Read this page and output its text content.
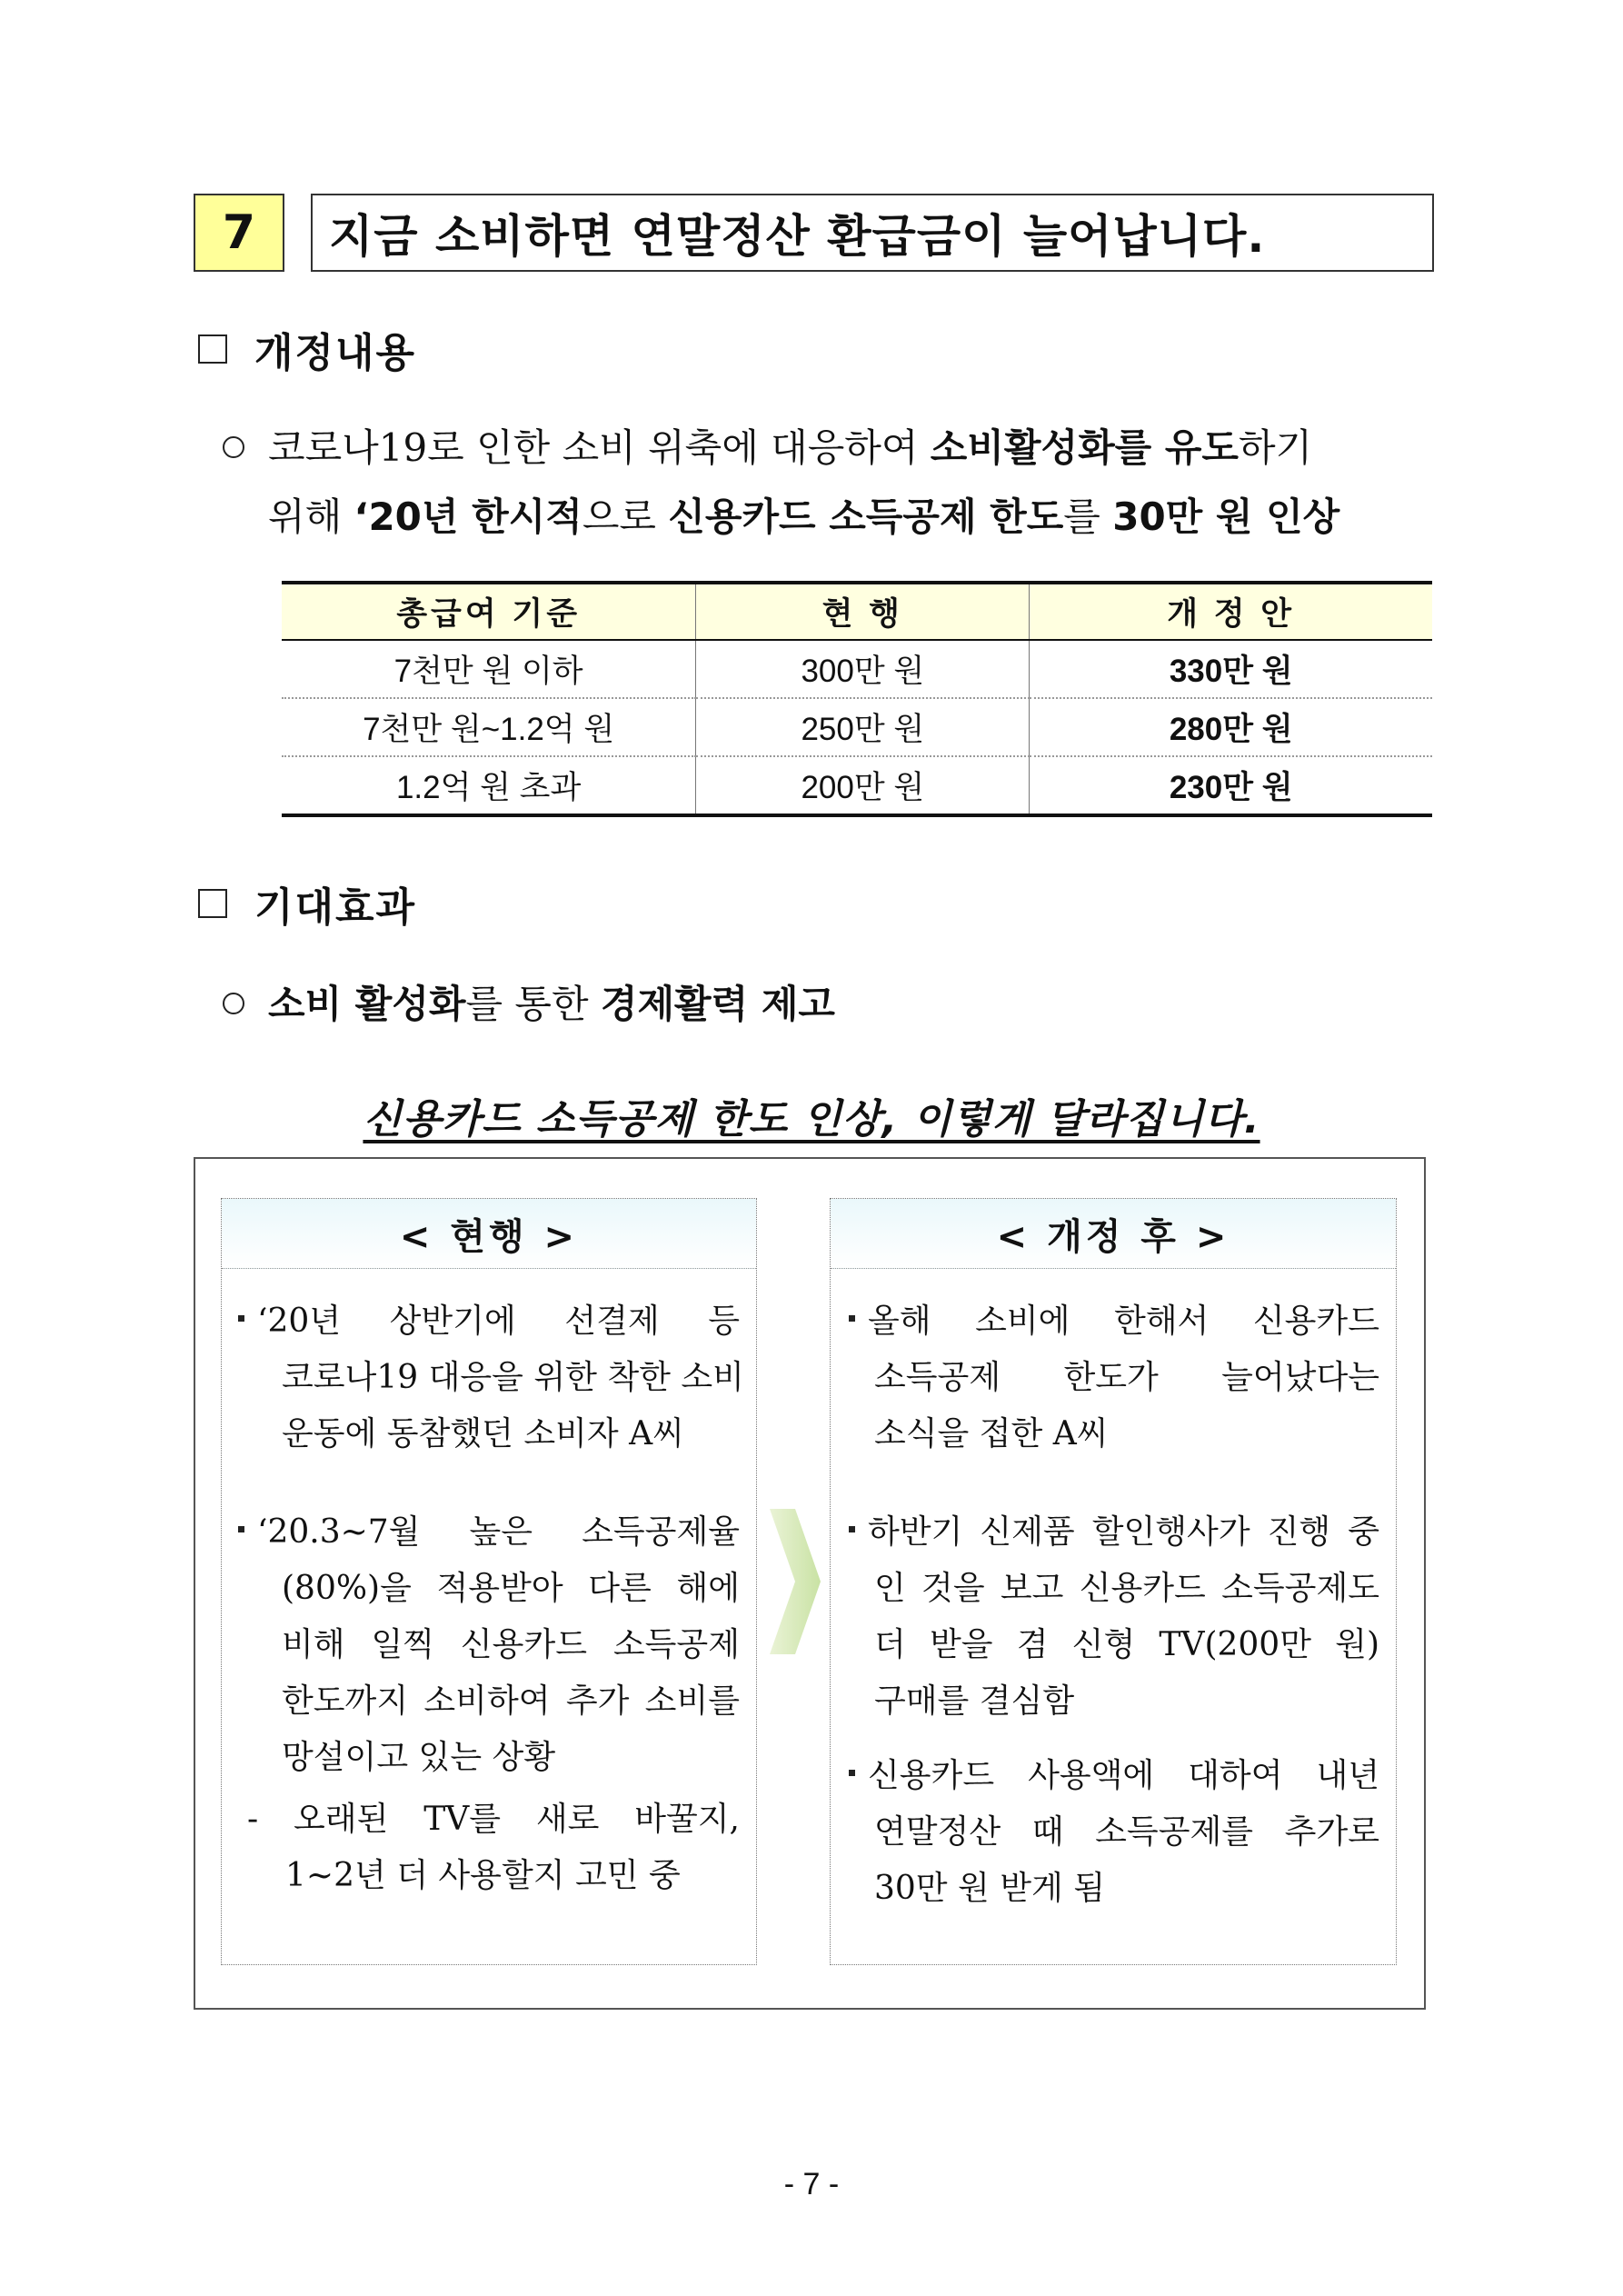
7	지금 소비하면 연말정산 환급금이 늘어납니다.
개정내용
코로나19로 인한 소비 위축에 대응하여 소비활성화를 유도하기
위해 ‘20년 한시적으로 신용카드 소득공제 한도를 30만 원 인상
총급여 기준	현 행	개 정 안
7천만 원 이하	300만 원	330만 원
7천만 원~1.2억 원	250만 원	280만 원
1.2억 원 초과	200만 원	230만 원
기대효과
소비 활성화를 통한 경제활력 제고
신용카드 소득공제 한도 인상, 이렇게 달라집니다.
< 현행 >
‘20년 상반기에 선결제 등
코로나19 대응을 위한 착한 소비
운동에 동참했던 소비자 A씨
‘20.3~7월 높은 소득공제율
(80%)을 적용받아 다른 해에
비해 일찍 신용카드 소득공제
한도까지 소비하여 추가 소비를
망설이고 있는 상황
- 오래된 TV를 새로 바꿀지,
1~2년 더 사용할지 고민 중
< 개정 후 >
올해 소비에 한해서 신용카드
소득공제 한도가 늘어났다는
소식을 접한 A씨
하반기 신제품 할인행사가 진행 중
인 것을 보고 신용카드 소득공제도
더 받을 겸 신형 TV(200만 원)
구매를 결심함
신용카드 사용액에 대하여 내년
연말정산 때 소득공제를 추가로
30만 원 받게 됨
- 7 -
